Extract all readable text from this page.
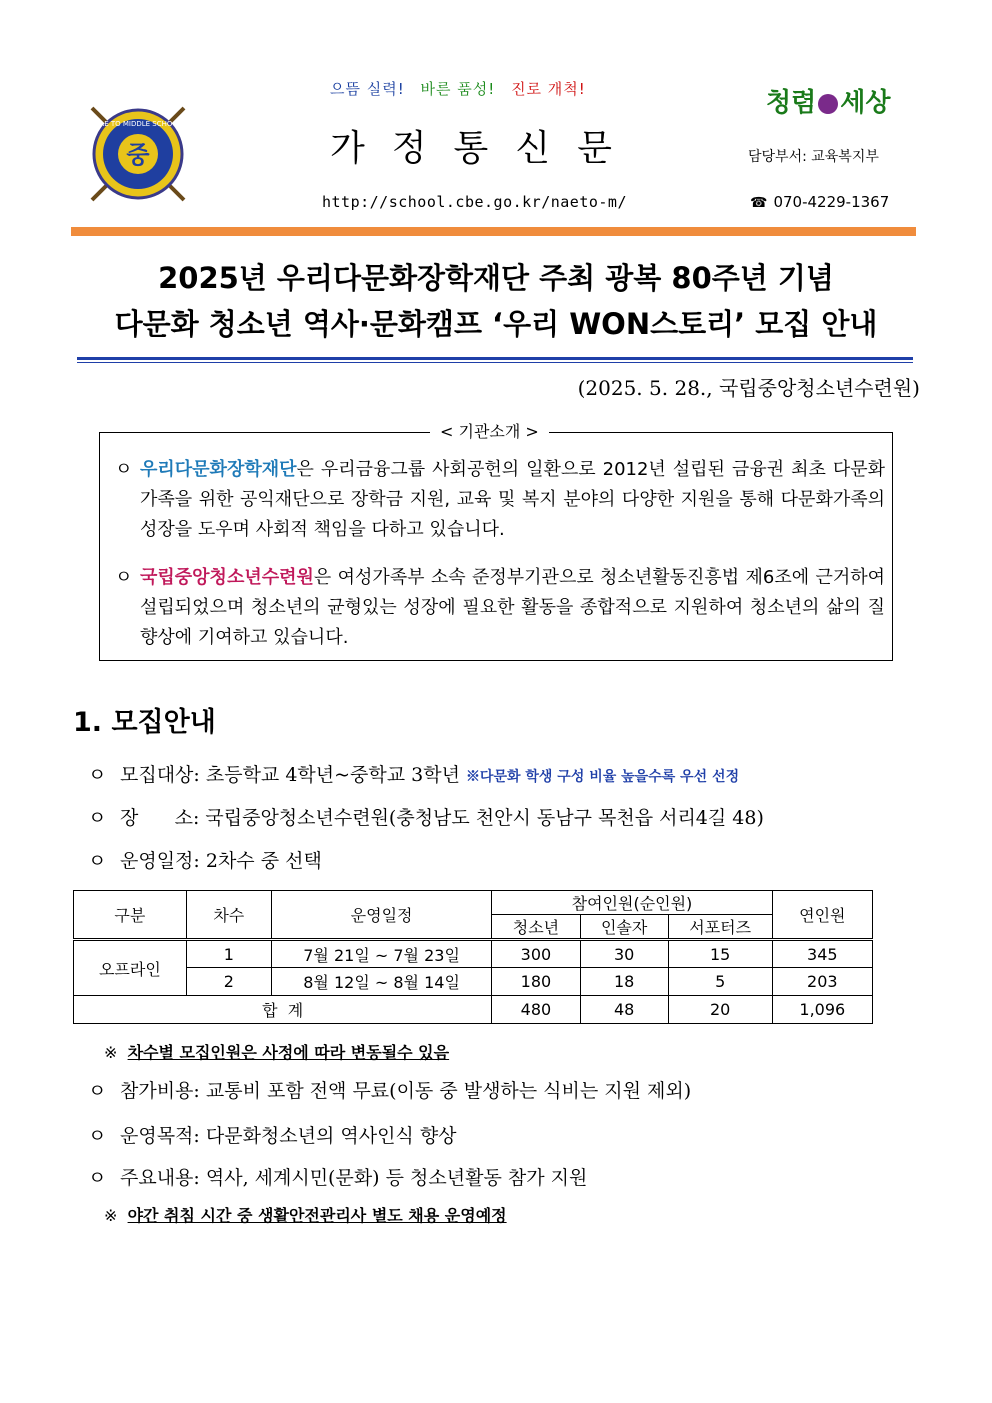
중
NAE TO MIDDLE SCHOOL
으뜸 실력! 바른 품성! 진로 개척!
가정통신문
http://school.cbe.go.kr/naeto-m/
청렴 세상
담당부서: 교육복지부
☎ 070-4229-1367
2025년 우리다문화장학재단 주최 광복 80주년 기념
다문화 청소년 역사·문화캠프 ‘우리 WON스토리’ 모집 안내
(2025. 5. 28., 국립중앙청소년수련원)
< 기관소개 >
ㅇ 우리다문화장학재단은 우리금융그룹 사회공헌의 일환으로 2012년 설립된 금융권 최초 다문화가족을 위한 공익재단으로 장학금 지원, 교육 및 복지 분야의 다양한 지원을 통해 다문화가족의 성장을 도우며 사회적 책임을 다하고 있습니다.
ㅇ 국립중앙청소년수련원은 여성가족부 소속 준정부기관으로 청소년활동진흥법 제6조에 근거하여 설립되었으며 청소년의 균형있는 성장에 필요한 활동을 종합적으로 지원하여 청소년의 삶의 질 향상에 기여하고 있습니다.
1. 모집안내
ㅇ 모집대상: 초등학교 4학년~중학교 3학년 ※다문화 학생 구성 비율 높을수록 우선 선정
ㅇ 장      소: 국립중앙청소년수련원(충청남도 천안시 동남구 목천읍 서리4길 48)
ㅇ 운영일정: 2차수 중 선택
구분	차수	운영일정	참여인원(순인원)			연인원
			청소년	인솔자	서포터즈	
오프라인	1	7월 21일 ~ 7월 23일	300	30	15	345
	2	8월 12일 ~ 8월 14일	180	18	5	203
합  계			480	48	20	1,096
※ 차수별 모집인원은 사정에 따라 변동될수 있음
ㅇ 참가비용: 교통비 포함 전액 무료(이동 중 발생하는 식비는 지원 제외)
ㅇ 운영목적: 다문화청소년의 역사인식 향상
ㅇ 주요내용: 역사, 세계시민(문화) 등 청소년활동 참가 지원
※ 야간 취침 시간 중 생활안전관리사 별도 채용 운영예정
